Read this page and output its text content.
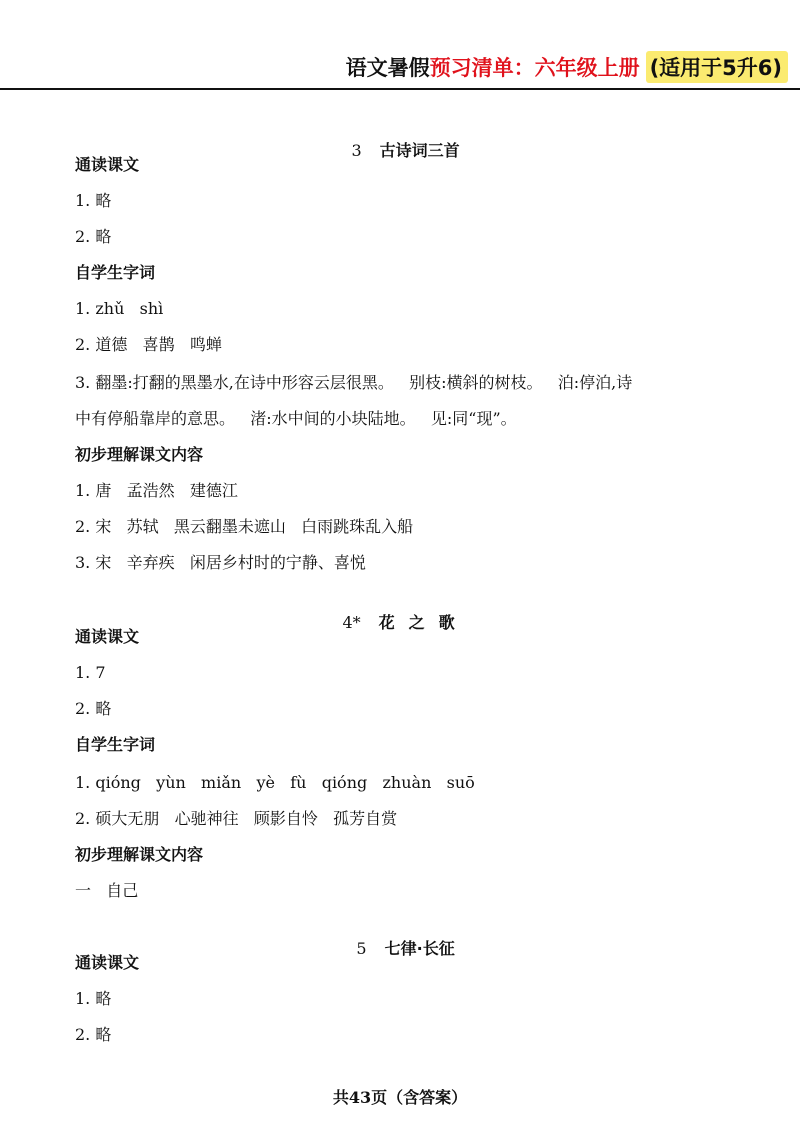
语文暑假 预习清单：六年级上册 (适用于5升6)

3 古诗词三首

通读课文
1. 略
2. 略
自学生字词
1. zhǔ   shì
2. 道德   喜鹊   鸣蝉
3. 翻墨:打翻的黑墨水,在诗中形容云层很黑。   别枝:横斜的树枝。   泊:停泊,诗
中有停船靠岸的意思。   渚:水中间的小块陆地。   见:同“现”。
初步理解课文内容
1. 唐   孟浩然   建德江
2. 宋   苏轼   黑云翻墨未遮山   白雨跳珠乱入船
3. 宋   辛弃疾   闲居乡村时的宁静、喜悦

4* 花之歌

通读课文
1. 7
2. 略
自学生字词
1. qióng   yùn   miǎn   yè   fù   qióng   zhuàn   suō
2. 硕大无朋   心驰神往   顾影自怜   孤芳自赏
初步理解课文内容
一   自己

5 七律·长征

通读课文
1. 略
2. 略
共43页（含答案）
